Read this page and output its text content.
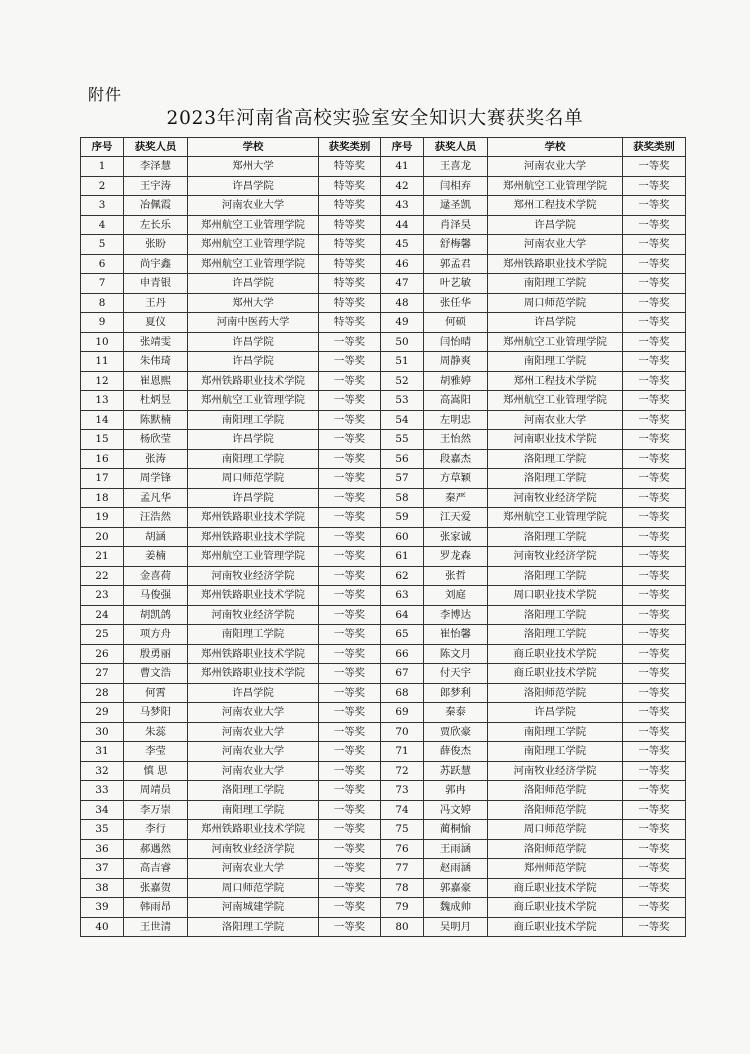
附件
2023年河南省高校实验室安全知识大赛获奖名单
序号	获奖人员	学校	获奖类别	序号	获奖人员	学校	获奖类别
1	李泽慧	郑州大学	特等奖	41	王喜龙	河南农业大学	一等奖
2	王宇涛	许昌学院	特等奖	42	闫相弃	郑州航空工业管理学院	一等奖
3	冶佩霞	河南农业大学	特等奖	43	逯圣凯	郑州工程技术学院	一等奖
4	左长乐	郑州航空工业管理学院	特等奖	44	肖泽昊	许昌学院	一等奖
5	张盼	郑州航空工业管理学院	特等奖	45	舒梅馨	河南农业大学	一等奖
6	尚宇鑫	郑州航空工业管理学院	特等奖	46	郭孟君	郑州铁路职业技术学院	一等奖
7	申青银	许昌学院	特等奖	47	叶艺敏	南阳理工学院	一等奖
8	王丹	郑州大学	特等奖	48	张任华	周口师范学院	一等奖
9	夏仪	河南中医药大学	特等奖	49	何硕	许昌学院	一等奖
10	张靖雯	许昌学院	一等奖	50	闫怡晴	郑州航空工业管理学院	一等奖
11	朱伟琦	许昌学院	一等奖	51	周静爽	南阳理工学院	一等奖
12	崔恩熙	郑州铁路职业技术学院	一等奖	52	胡雅婷	郑州工程技术学院	一等奖
13	杜炳昱	郑州航空工业管理学院	一等奖	53	高嵩阳	郑州航空工业管理学院	一等奖
14	陈默楠	南阳理工学院	一等奖	54	左明忠	河南农业大学	一等奖
15	杨欣莹	许昌学院	一等奖	55	王怡然	河南职业技术学院	一等奖
16	张涛	南阳理工学院	一等奖	56	段嘉杰	洛阳理工学院	一等奖
17	周学锋	周口师范学院	一等奖	57	方草颖	洛阳理工学院	一等奖
18	孟凡华	许昌学院	一等奖	58	秦严	河南牧业经济学院	一等奖
19	汪浩然	郑州铁路职业技术学院	一等奖	59	江天爱	郑州航空工业管理学院	一等奖
20	胡涵	郑州铁路职业技术学院	一等奖	60	张家诚	洛阳理工学院	一等奖
21	姜楠	郑州航空工业管理学院	一等奖	61	罗龙森	河南牧业经济学院	一等奖
22	金喜荷	河南牧业经济学院	一等奖	62	张哲	洛阳理工学院	一等奖
23	马俊强	郑州铁路职业技术学院	一等奖	63	刘庭	周口职业技术学院	一等奖
24	胡凯鸽	河南牧业经济学院	一等奖	64	李博达	洛阳理工学院	一等奖
25	项方舟	南阳理工学院	一等奖	65	崔怡馨	洛阳理工学院	一等奖
26	殷勇丽	郑州铁路职业技术学院	一等奖	66	陈文月	商丘职业技术学院	一等奖
27	曹文浩	郑州铁路职业技术学院	一等奖	67	付天宇	商丘职业技术学院	一等奖
28	何霄	许昌学院	一等奖	68	郎梦利	洛阳师范学院	一等奖
29	马梦阳	河南农业大学	一等奖	69	秦泰	许昌学院	一等奖
30	朱蕊	河南农业大学	一等奖	70	贾欣豪	南阳理工学院	一等奖
31	李莹	河南农业大学	一等奖	71	薛俊杰	南阳理工学院	一等奖
32	慎 思	河南农业大学	一等奖	72	苏跃慧	河南牧业经济学院	一等奖
33	周靖员	洛阳理工学院	一等奖	73	郭冉	洛阳师范学院	一等奖
34	李万崇	南阳理工学院	一等奖	74	冯文婷	洛阳师范学院	一等奖
35	李行	郑州铁路职业技术学院	一等奖	75	蔺桐愉	周口师范学院	一等奖
36	郝遇然	河南牧业经济学院	一等奖	76	王雨涵	洛阳师范学院	一等奖
37	高吉睿	河南农业大学	一等奖	77	赵雨涵	郑州师范学院	一等奖
38	张嘉贺	周口师范学院	一等奖	78	郭嘉豪	商丘职业技术学院	一等奖
39	韩雨昂	河南城建学院	一等奖	79	魏成帅	商丘职业技术学院	一等奖
40	王世清	洛阳理工学院	一等奖	80	吴明月	商丘职业技术学院	一等奖
